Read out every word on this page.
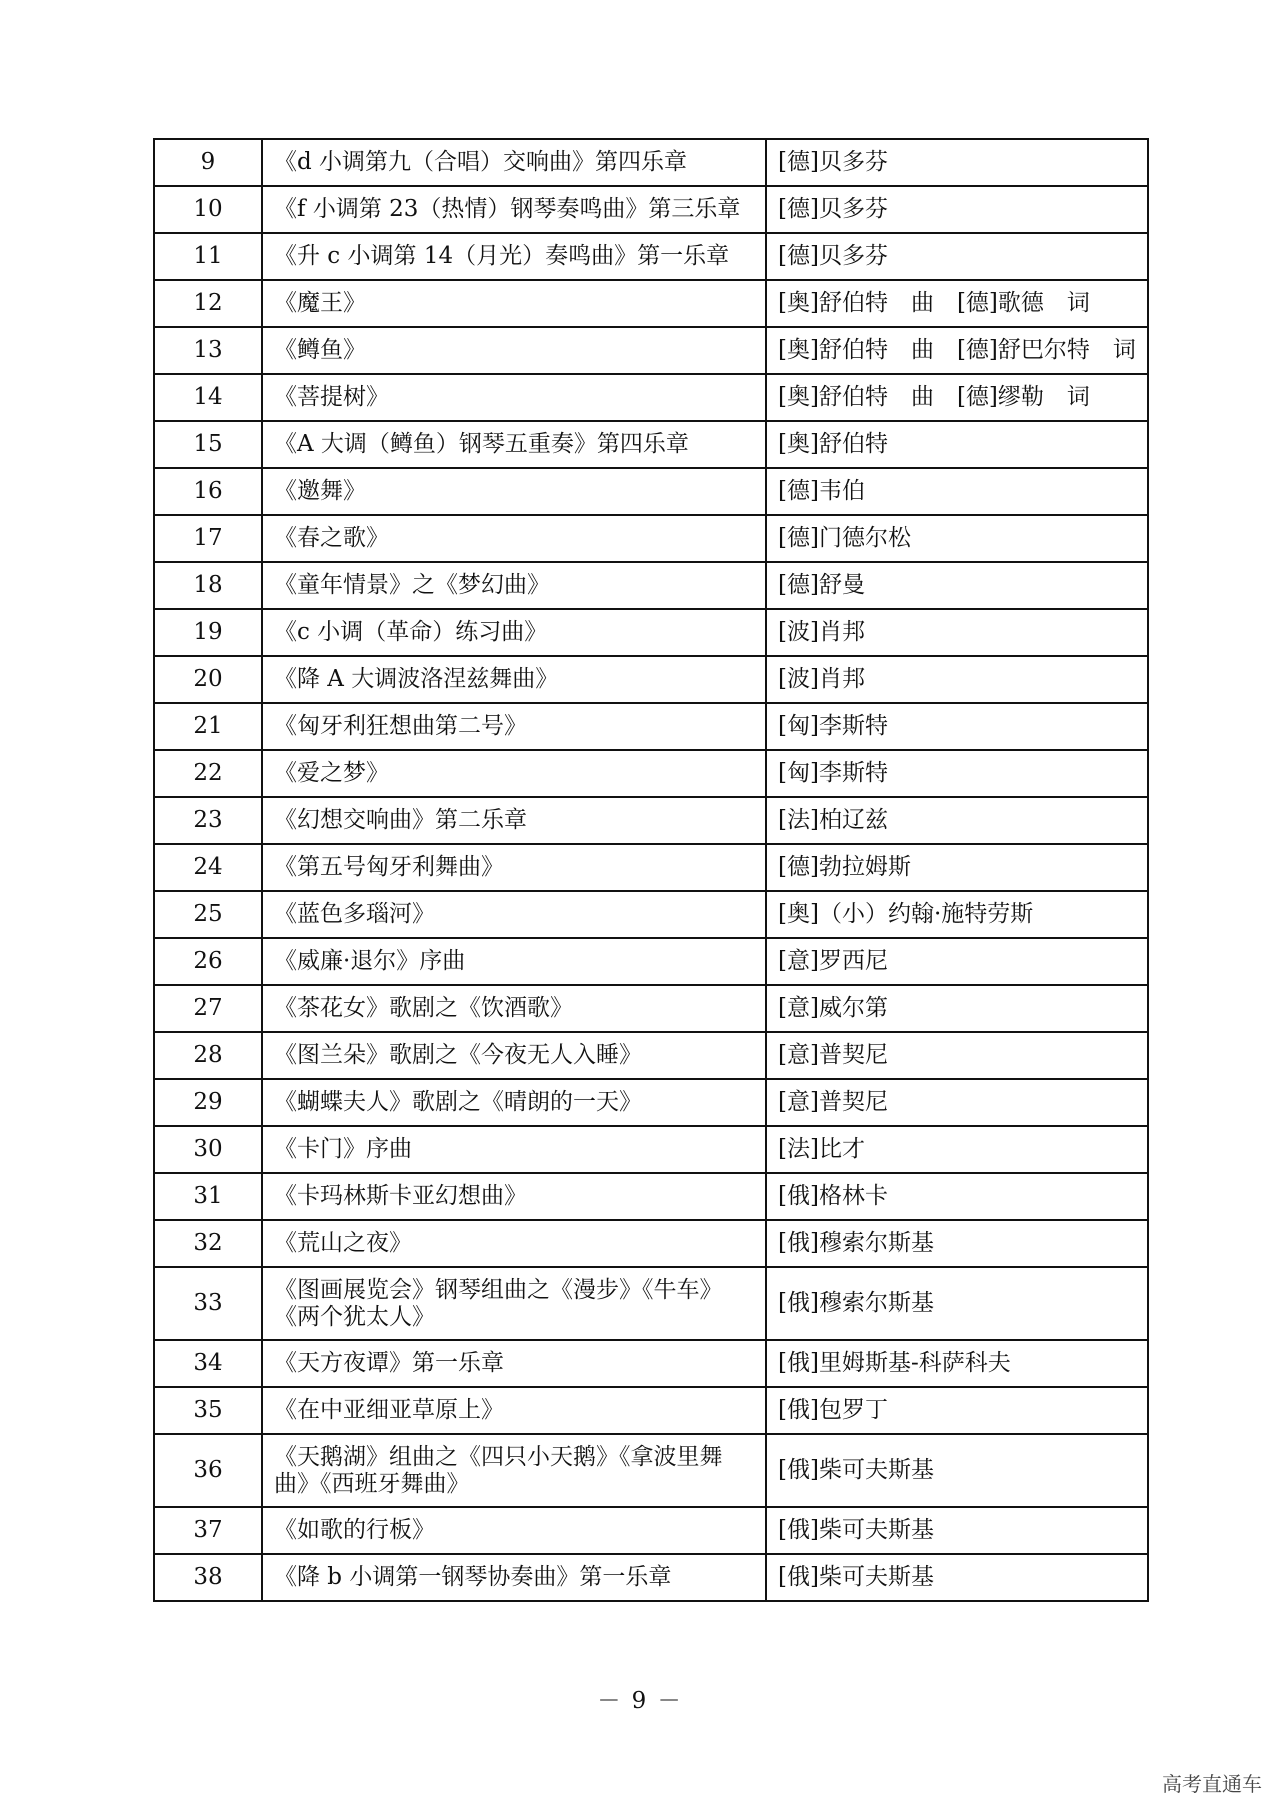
9	《d 小调第九（合唱）交响曲》第四乐章	[德]贝多芬
10	《f 小调第 23（热情）钢琴奏鸣曲》第三乐章	[德]贝多芬
11	《升 c 小调第 14（月光）奏鸣曲》第一乐章	[德]贝多芬
12	《魔王》	[奥]舒伯特　曲　[德]歌德　词
13	《鳟鱼》	[奥]舒伯特　曲　[德]舒巴尔特　词
14	《菩提树》	[奥]舒伯特　曲　[德]缪勒　词
15	《A 大调（鳟鱼）钢琴五重奏》第四乐章	[奥]舒伯特
16	《邀舞》	[德]韦伯
17	《春之歌》	[德]门德尔松
18	《童年情景》之《梦幻曲》	[德]舒曼
19	《c 小调（革命）练习曲》	[波]肖邦
20	《降 A 大调波洛涅兹舞曲》	[波]肖邦
21	《匈牙利狂想曲第二号》	[匈]李斯特
22	《爱之梦》	[匈]李斯特
23	《幻想交响曲》第二乐章	[法]柏辽兹
24	《第五号匈牙利舞曲》	[德]勃拉姆斯
25	《蓝色多瑙河》	[奥]（小）约翰·施特劳斯
26	《威廉·退尔》序曲	[意]罗西尼
27	《茶花女》歌剧之《饮酒歌》	[意]威尔第
28	《图兰朵》歌剧之《今夜无人入睡》	[意]普契尼
29	《蝴蝶夫人》歌剧之《晴朗的一天》	[意]普契尼
30	《卡门》序曲	[法]比才
31	《卡玛林斯卡亚幻想曲》	[俄]格林卡
32	《荒山之夜》	[俄]穆索尔斯基
33	《图画展览会》钢琴组曲之《漫步》《牛车》《两个犹太人》	[俄]穆索尔斯基
34	《天方夜谭》第一乐章	[俄]里姆斯基-科萨科夫
35	《在中亚细亚草原上》	[俄]包罗丁
36	《天鹅湖》组曲之《四只小天鹅》《拿波里舞曲》《西班牙舞曲》	[俄]柴可夫斯基
37	《如歌的行板》	[俄]柴可夫斯基
38	《降 b 小调第一钢琴协奏曲》第一乐章	[俄]柴可夫斯基
－ 9 －
高考直通车
